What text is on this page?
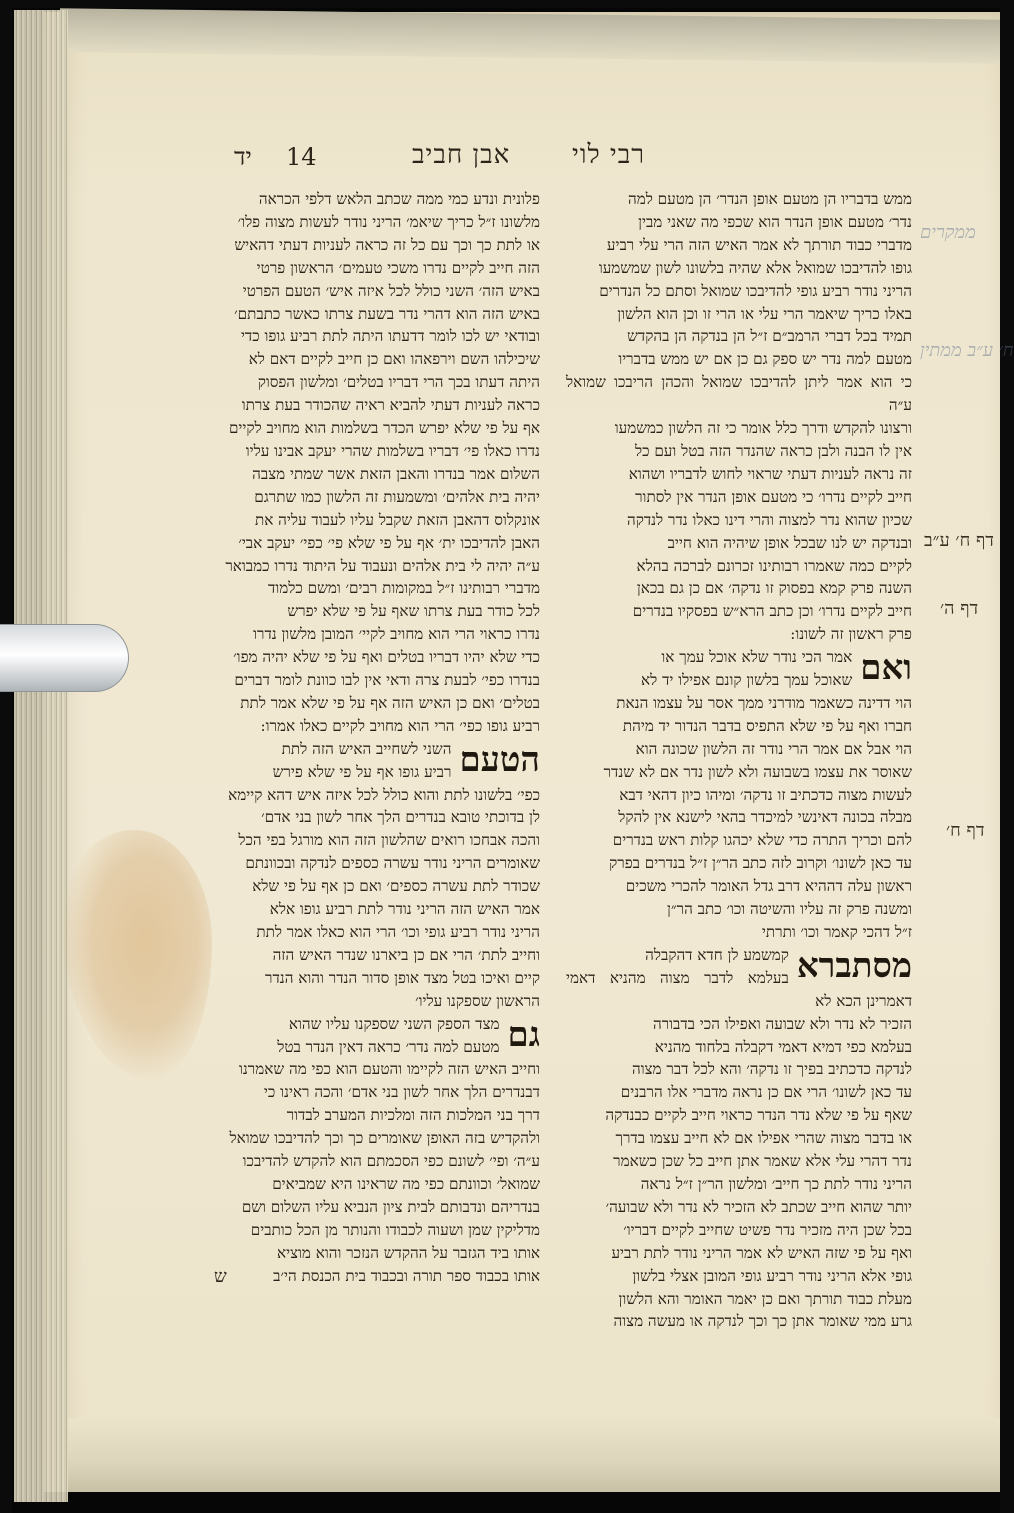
רבי לוי
אבן חביב
14
יד
דף ח׳ ע״ב
דף ה׳
דף ח׳
ממקרים
ח׳ ע״ב ממתין
ממש בדבריו הן מטעם אופן הנדר׳ הן מטעם למה
נדר׳ מטעם אופן הנדר הוא שכפי מה שאני מבין
מדברי כבוד תורתך לא אמר האיש הזה הרי עלי רביע
גופו להדיבכו שמואל אלא שהיה בלשונו לשון שמשמעו
הריני נודר רביע גופי להדיבכו שמואל וסתם כל הנדרים
באלו כריך שיאמר הרי עלי או הרי זו וכן הוא הלשון
תמיד בכל דברי הרמב״ם ז״ל הן בנדקה הן בהקדש
מטעם למה נדר יש ספק גם כן אם יש ממש בדבריו
כי הוא אמר ליתן להדיבכו שמואל והכהן הריבכו שמואל ע״ה
ורצונו להקדש ודרך כלל אומר כי זה הלשון כמשמעו
אין לו הבנה ולבן כראה שהנדר הזה בטל ועם כל
זה נראה לעניות דעתי שראוי לחוש לדבריו ושהוא
חייב לקיים נדרו׳ כי מטעם אופן הנדר אין לסתור
שכיון שהוא נדר למצוה והרי דינו כאלו נדר לנדקה
ובנדקה יש לנו שבכל אופן שיהיה הוא חייב
לקיים כמה שאמרו רבותינו זכרונם לברכה בהלא
השנה פרק קמא בפסוק זו נדקה׳ אם כן גם בכאן
חייב לקיים נדרו׳ וכן כתב הרא״ש בפסקיו בנדרים
פרק ראשון זה לשונו:
ואם
אמר הכי נודר שלא אוכל עמך או
שאוכל עמך בלשון קונם אפילו יד לא
הוי דדינה כשאמר מודרני ממך אסר על עצמו הנאת
חברו ואף על פי שלא התפיס בדבר הנדור יד מיהת
הוי אבל אם אמר הרי נודר זה הלשון שכונה הוא
שאוסר את עצמו בשבועה ולא לשון נדר אם לא שנדר
לעשות מצוה כדכתיב זו נדקה׳ ומיהו כיון דהאי דבא
מבלה בכונה דאינשי למיכדר בהאי לישנא אין להקל
להם וכריך התרה כדי שלא יכהגו קלות ראש בנדרים
עד כאן לשונו׳ וקרוב לזה כתב הר״ן ז״ל בנדרים בפרק
ראשון עלה דההיא דרב גדל האומר להכרי משכים
ומשנה פרק זה עליו והשיטה וכו׳ כתב הר״ן
ז״ל דהכי קאמר וכו׳ ותרתי
מסתברא
קמשמע לן חדא דהקבלה
בעלמא לדבר מצוה מהניא דאמי דאמרינן הכא לא
הזכיר לא נדר ולא שבועה ואפילו הכי בדבורה
בעלמא כפי דמיא דאמי דקבלה בלחוד מהניא
לנדקה כדכתיב בפיך זו נדקה׳ והא לכל דבר מצוה
עד כאן לשונו׳ הרי אם כן נראה מדברי אלו הרבנים
שאף על פי שלא נדר הנדר כראוי חייב לקיים כבנדקה
או בדבר מצוה שהרי אפילו אם לא חייב עצמו בדרך
נדר דהרי עלי אלא שאמר אתן חייב כל שכן כשאמר
הריני נודר לתת כך חייב׳ ומלשון הר״ן ז״ל נראה
יותר שהוא חייב שכתב לא הזכיר לא נדר ולא שבועה׳
בכל שכן היה מזכיר נדר פשיט שחייב לקיים דבריו׳
ואף על פי שזה האיש לא אמר הריני נודר לתת רביע
גופי אלא הריני נודר רביע גופי המובן אצלי בלשון
מעלת כבוד תורתך ואם כן יאמר האומר והא הלשון
גרע ממי שאומר אתן כך וכך לנדקה או מעשה מצוה
פלונית ונדע כמי ממה שכתב הלאש דלפי הכראה
מלשונו ז״ל כריך שיאמ׳ הריני נודר לעשות מצוה פלו׳
או לתת כך וכך עם כל זה כראה לעניות דעתי דהאיש
הזה חייב לקיים נדרו משכי טעמים׳ הראשון פרטי
באיש הזה׳ השני כולל לכל איזה איש׳ הטעם הפרטי
באיש הזה הוא דהרי נדר בשעת צרתו כאשר כתבתם׳
ובודאי יש לכו לומר דדעתו היתה לתת רביע גופו כדי
שיכילהו השם וירפאהו ואם כן חייב לקיים דאם לא
היתה דעתו בכך הרי דבריו בטלים׳ ומלשון הפסוק
כראה לעניות דעתי להביא ראיה שהכודר בעת צרתו
אף על פי שלא יפרש הכדר בשלמות הוא מחויב לקיים
נדרו כאלו פי׳ דבריו בשלמות שהרי יעקב אבינו עליו
השלום אמר בנדרו והאבן הזאת אשר שמתי מצבה
יהיה בית אלהים׳ ומשמעות זה הלשון כמו שתרגם
אונקלוס דהאבן הזאת שקבל עליו לעבוד עליה את
האבן להדיבכו ית׳ אף על פי שלא פי׳ כפי׳ יעקב אבי׳
ע״ה יהיה לי בית אלהים ונעבוד על היתוד נדרו כמבואר
מדברי רבותינו ז״ל במקומות רבים׳ ומשם כלמוד
לכל כודר בעת צרתו שאף על פי שלא יפרש
נדרו כראוי הרי הוא מחויב לקיי׳ המובן מלשון נדרו
כדי שלא יהיו דבריו בטלים ואף על פי שלא יהיה מפו׳
בנדרו כפי׳ לבעת צרה ודאי אין לבו כוונת לומר דברים
בטלים׳ ואם כן האיש הזה אף על פי שלא אמר לתת
רביע גופו כפי׳ הרי הוא מחויב לקיים כאלו אמרו:
הטעם
השני לשחייב האיש הזה לתת
רביע גופו אף על פי שלא פירש
כפי׳ בלשונו לתת והוא כולל לכל איזה איש דהא קיימא
לן בדוכתי טובא בנדרים הלך אחר לשון בני אדם׳
והכה אבחכו רואים שהלשון הזה הוא מורגל בפי הכל
שאומרים הריני נודר עשרה כספים לנדקה ובכוונתם
שכודר לתת עשרה כספים׳ ואם כן אף על פי שלא
אמר האיש הזה הריני נודר לתת רביע גופו אלא
הריני נודר רביע גופי וכו׳ הרי הוא כאלו אמר לתת
וחייב לתת׳ הרי אם כן ביארנו שנדר האיש הזה
קיים ואיכו בטל מצד אופן סדור הנדר והוא הנדר
הראשון שספקנו עליו׳
גם
מצד הספק השני שספקנו עליו שהוא
מטעם למה נדר׳ כראה דאין הנדר בטל
וחייב האיש הזה לקיימו והטעם הוא כפי מה שאמרנו
דבנדרים הלך אחר לשון בני אדם׳ והכה ראינו כי
דרך בני המלכות הזה ומלכיות המערב לבדור
ולהקדיש בזה האופן שאומרים כך וכך להדיבכו שמואל
ע״ה׳ ופי׳ לשונם כפי הסכמתם הוא להקדש להדיבכו
שמואל׳ וכוונתם כפי מה שראינו היא שמביאים
בנדריהם ונדבותם לבית ציון הנביא עליו השלום ושם
מדליקין שמן ושעוה לכבודו והנותר מן הכל כותבים
אותו ביד הגזבר על ההקדש הנזכר והוא מוציא
אותו בכבוד ספר תורה ובכבוד בית הכנסת הי׳ב
ש
